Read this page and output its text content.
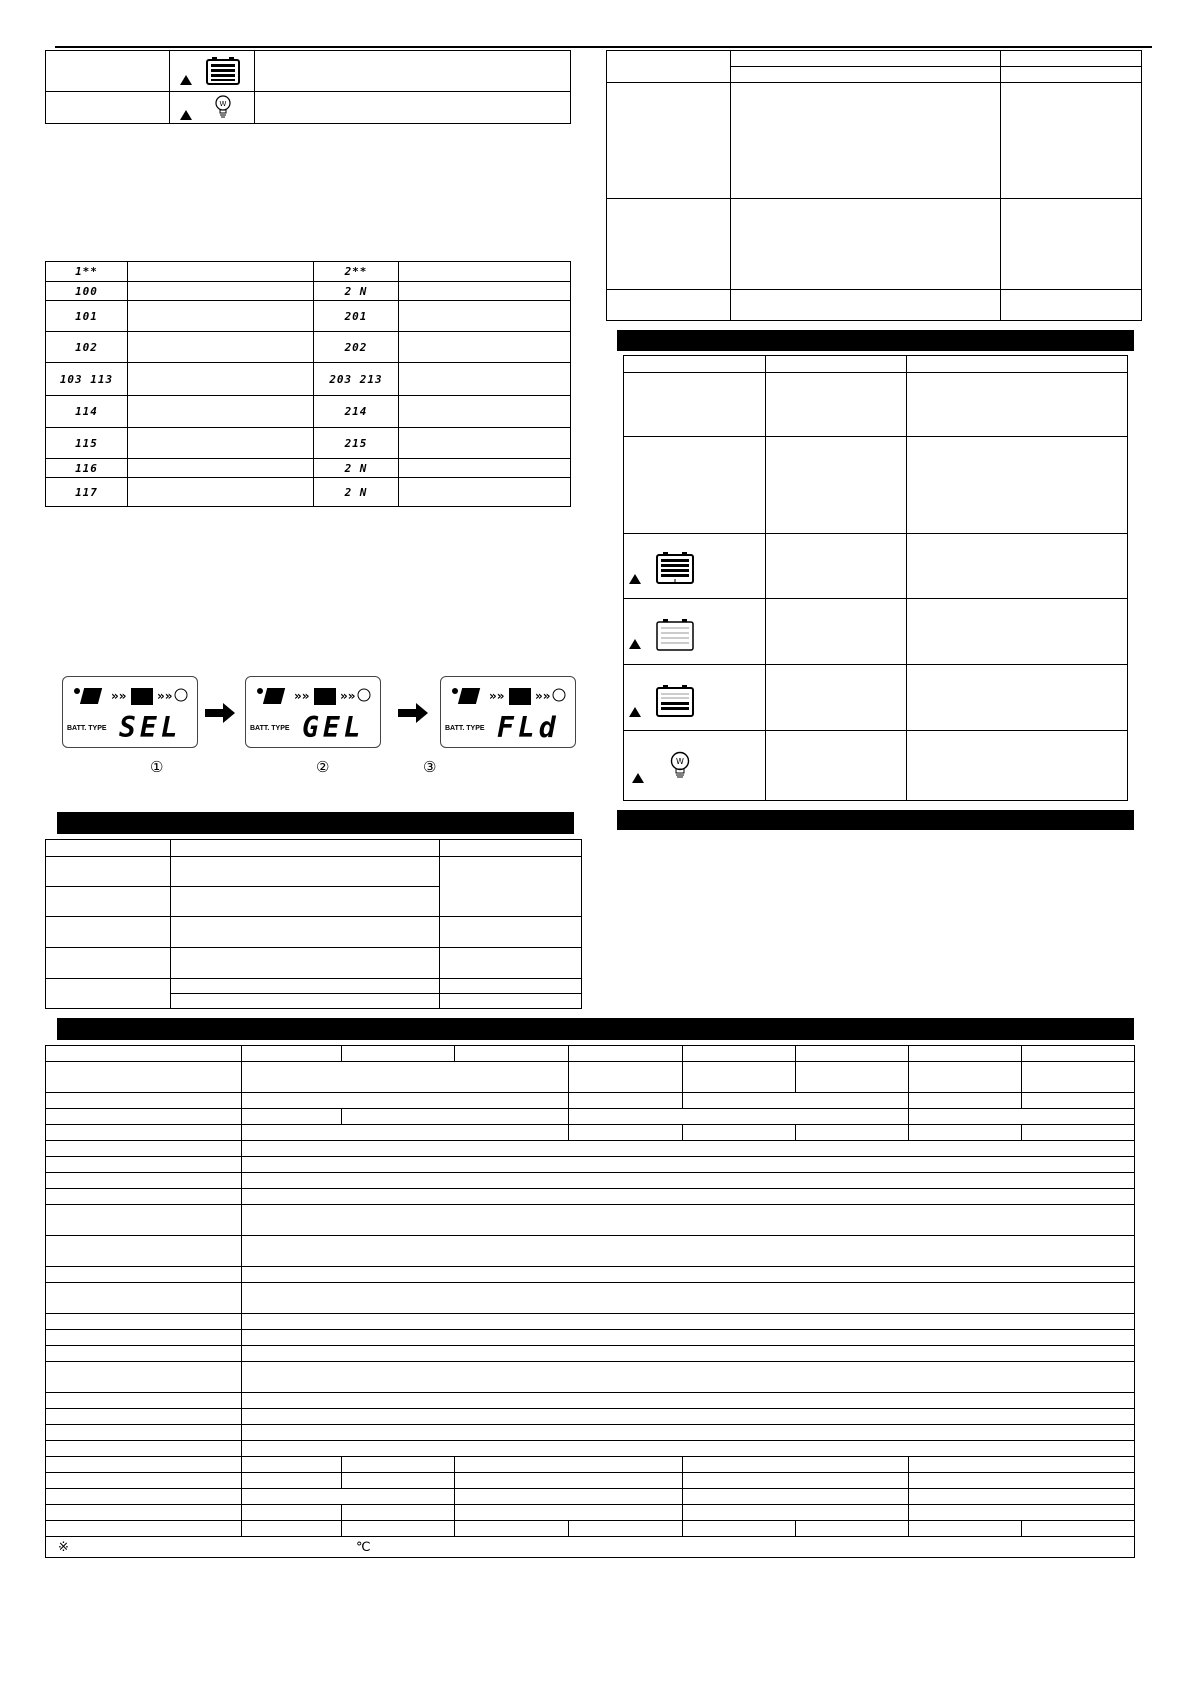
W	

1**		2**	
100		2 N	
101		201	
102		202	
103 113		203 213	
114		214	
115		215	
116		2 N	
117		2 N	
»»	»»
BATT. TYPE SEL
»»	»»
BATT. TYPE GEL
»»	»»
BATT. TYPE FLd
①	②	③

			W		

※ ℃								
